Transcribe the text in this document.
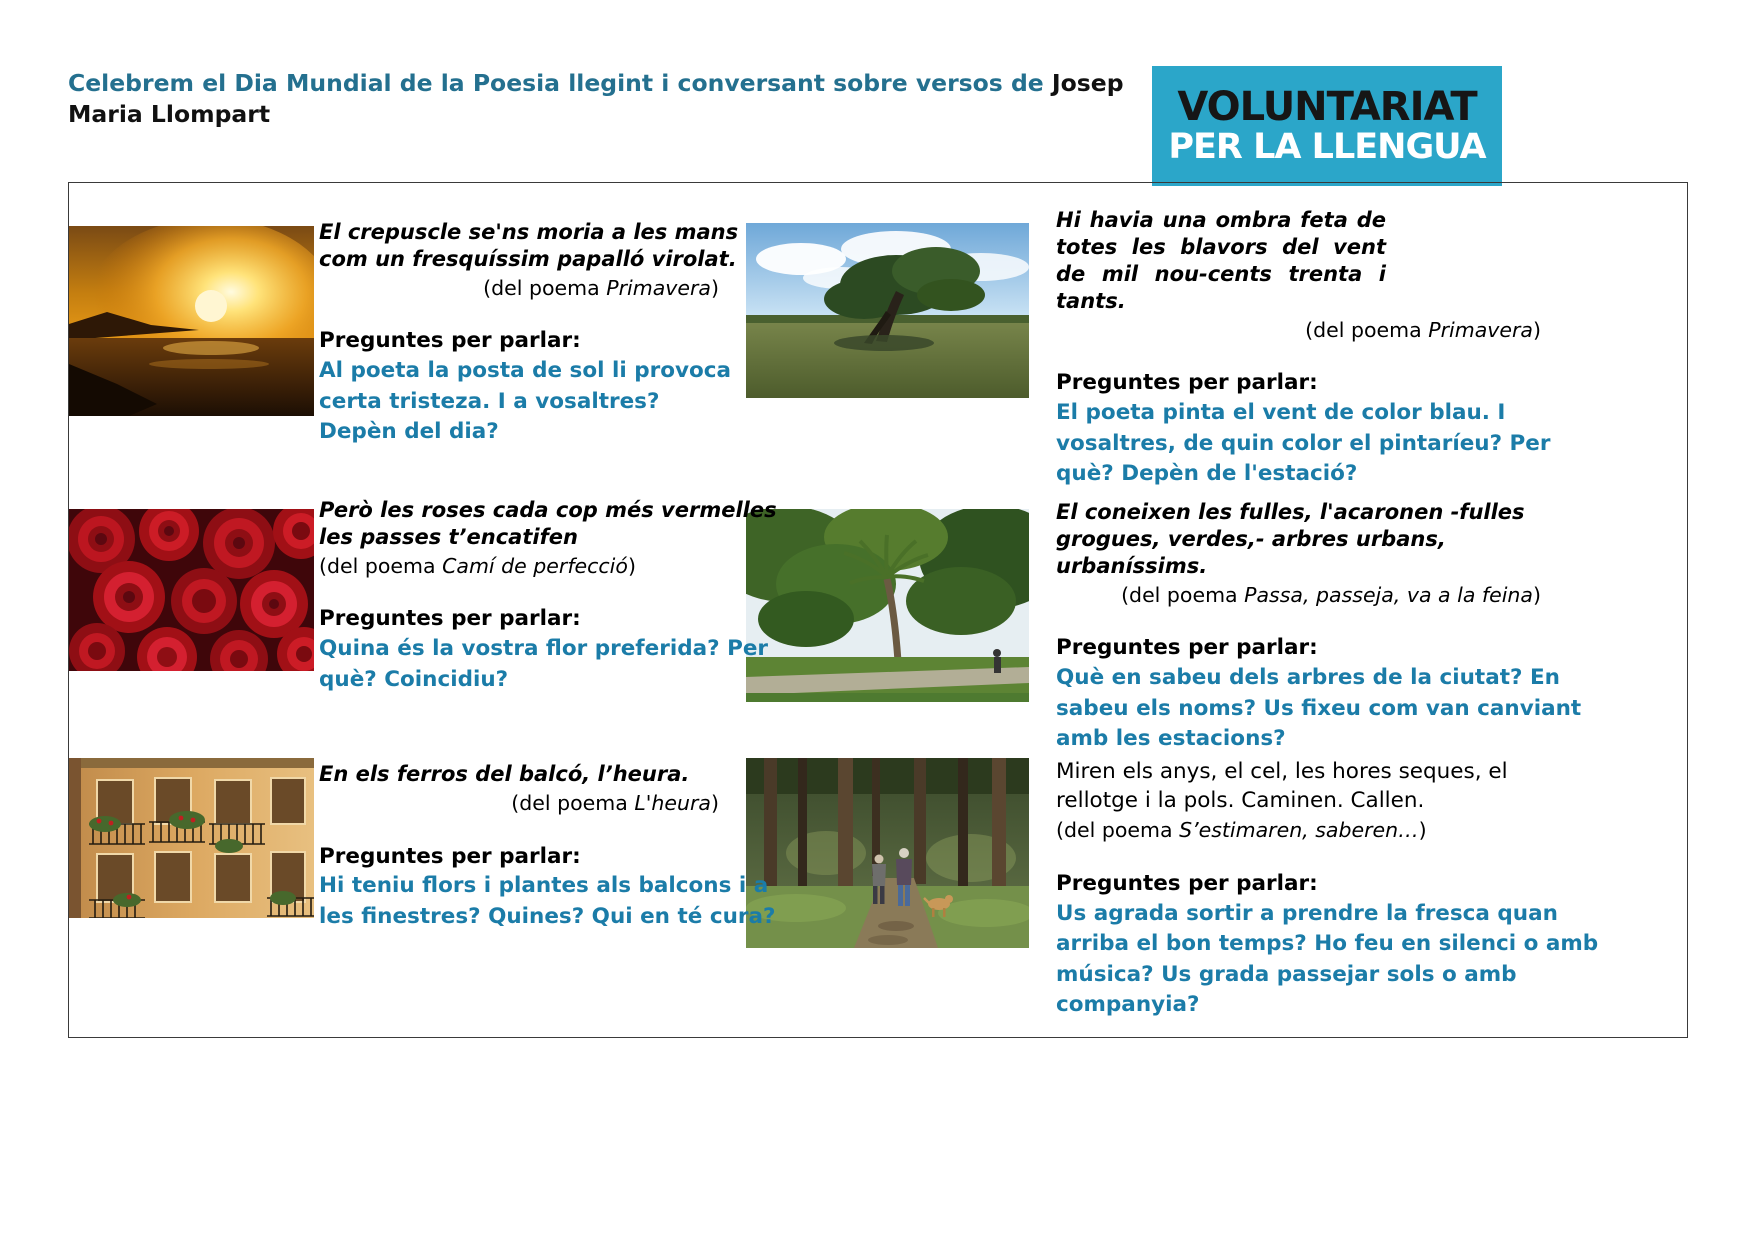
Celebrem el Dia Mundial de la Poesia llegint i conversant sobre versos de Josep Maria Llompart	VOLUNTARIAT
PER LA LLENGUA
El crepuscle se'ns moria a les mans com un fresquíssim papalló virolat.
(del poema Primavera)
Preguntes per parlar:
Al poeta la posta de sol li provoca certa tristeza. I a vosaltres? Depèn del dia?
Hi havia una ombra feta de totes les blavors del vent de mil nou-cents trenta i tants.
(del poema Primavera)
Preguntes per parlar:
El poeta pinta el vent de color blau. I vosaltres, de quin color el pintaríeu? Per què? Depèn de l'estació?
Però les roses cada cop més vermelles les passes t’encatifen
(del poema Camí de perfecció)
Preguntes per parlar:
Quina és la vostra flor preferida? Per què? Coincidiu?
El coneixen les fulles, l'acaronen -fulles grogues, verdes,- arbres urbans, urbaníssims.
(del poema Passa, passeja, va a la feina)
Preguntes per parlar:
Què en sabeu dels arbres de la ciutat? En sabeu els noms? Us fixeu com van canviant amb les estacions?
En els ferros del balcó, l’heura.
(del poema L'heura)
Preguntes per parlar:
Hi teniu flors i plantes als balcons i a les finestres? Quines? Qui en té cura?
Miren els anys, el cel, les hores seques, el rellotge i la pols. Caminen. Callen.
(del poema S’estimaren, saberen…)
Preguntes per parlar:
Us agrada sortir a prendre la fresca quan arriba el bon temps? Ho feu en silenci o amb música? Us grada passejar sols o amb companyia?
